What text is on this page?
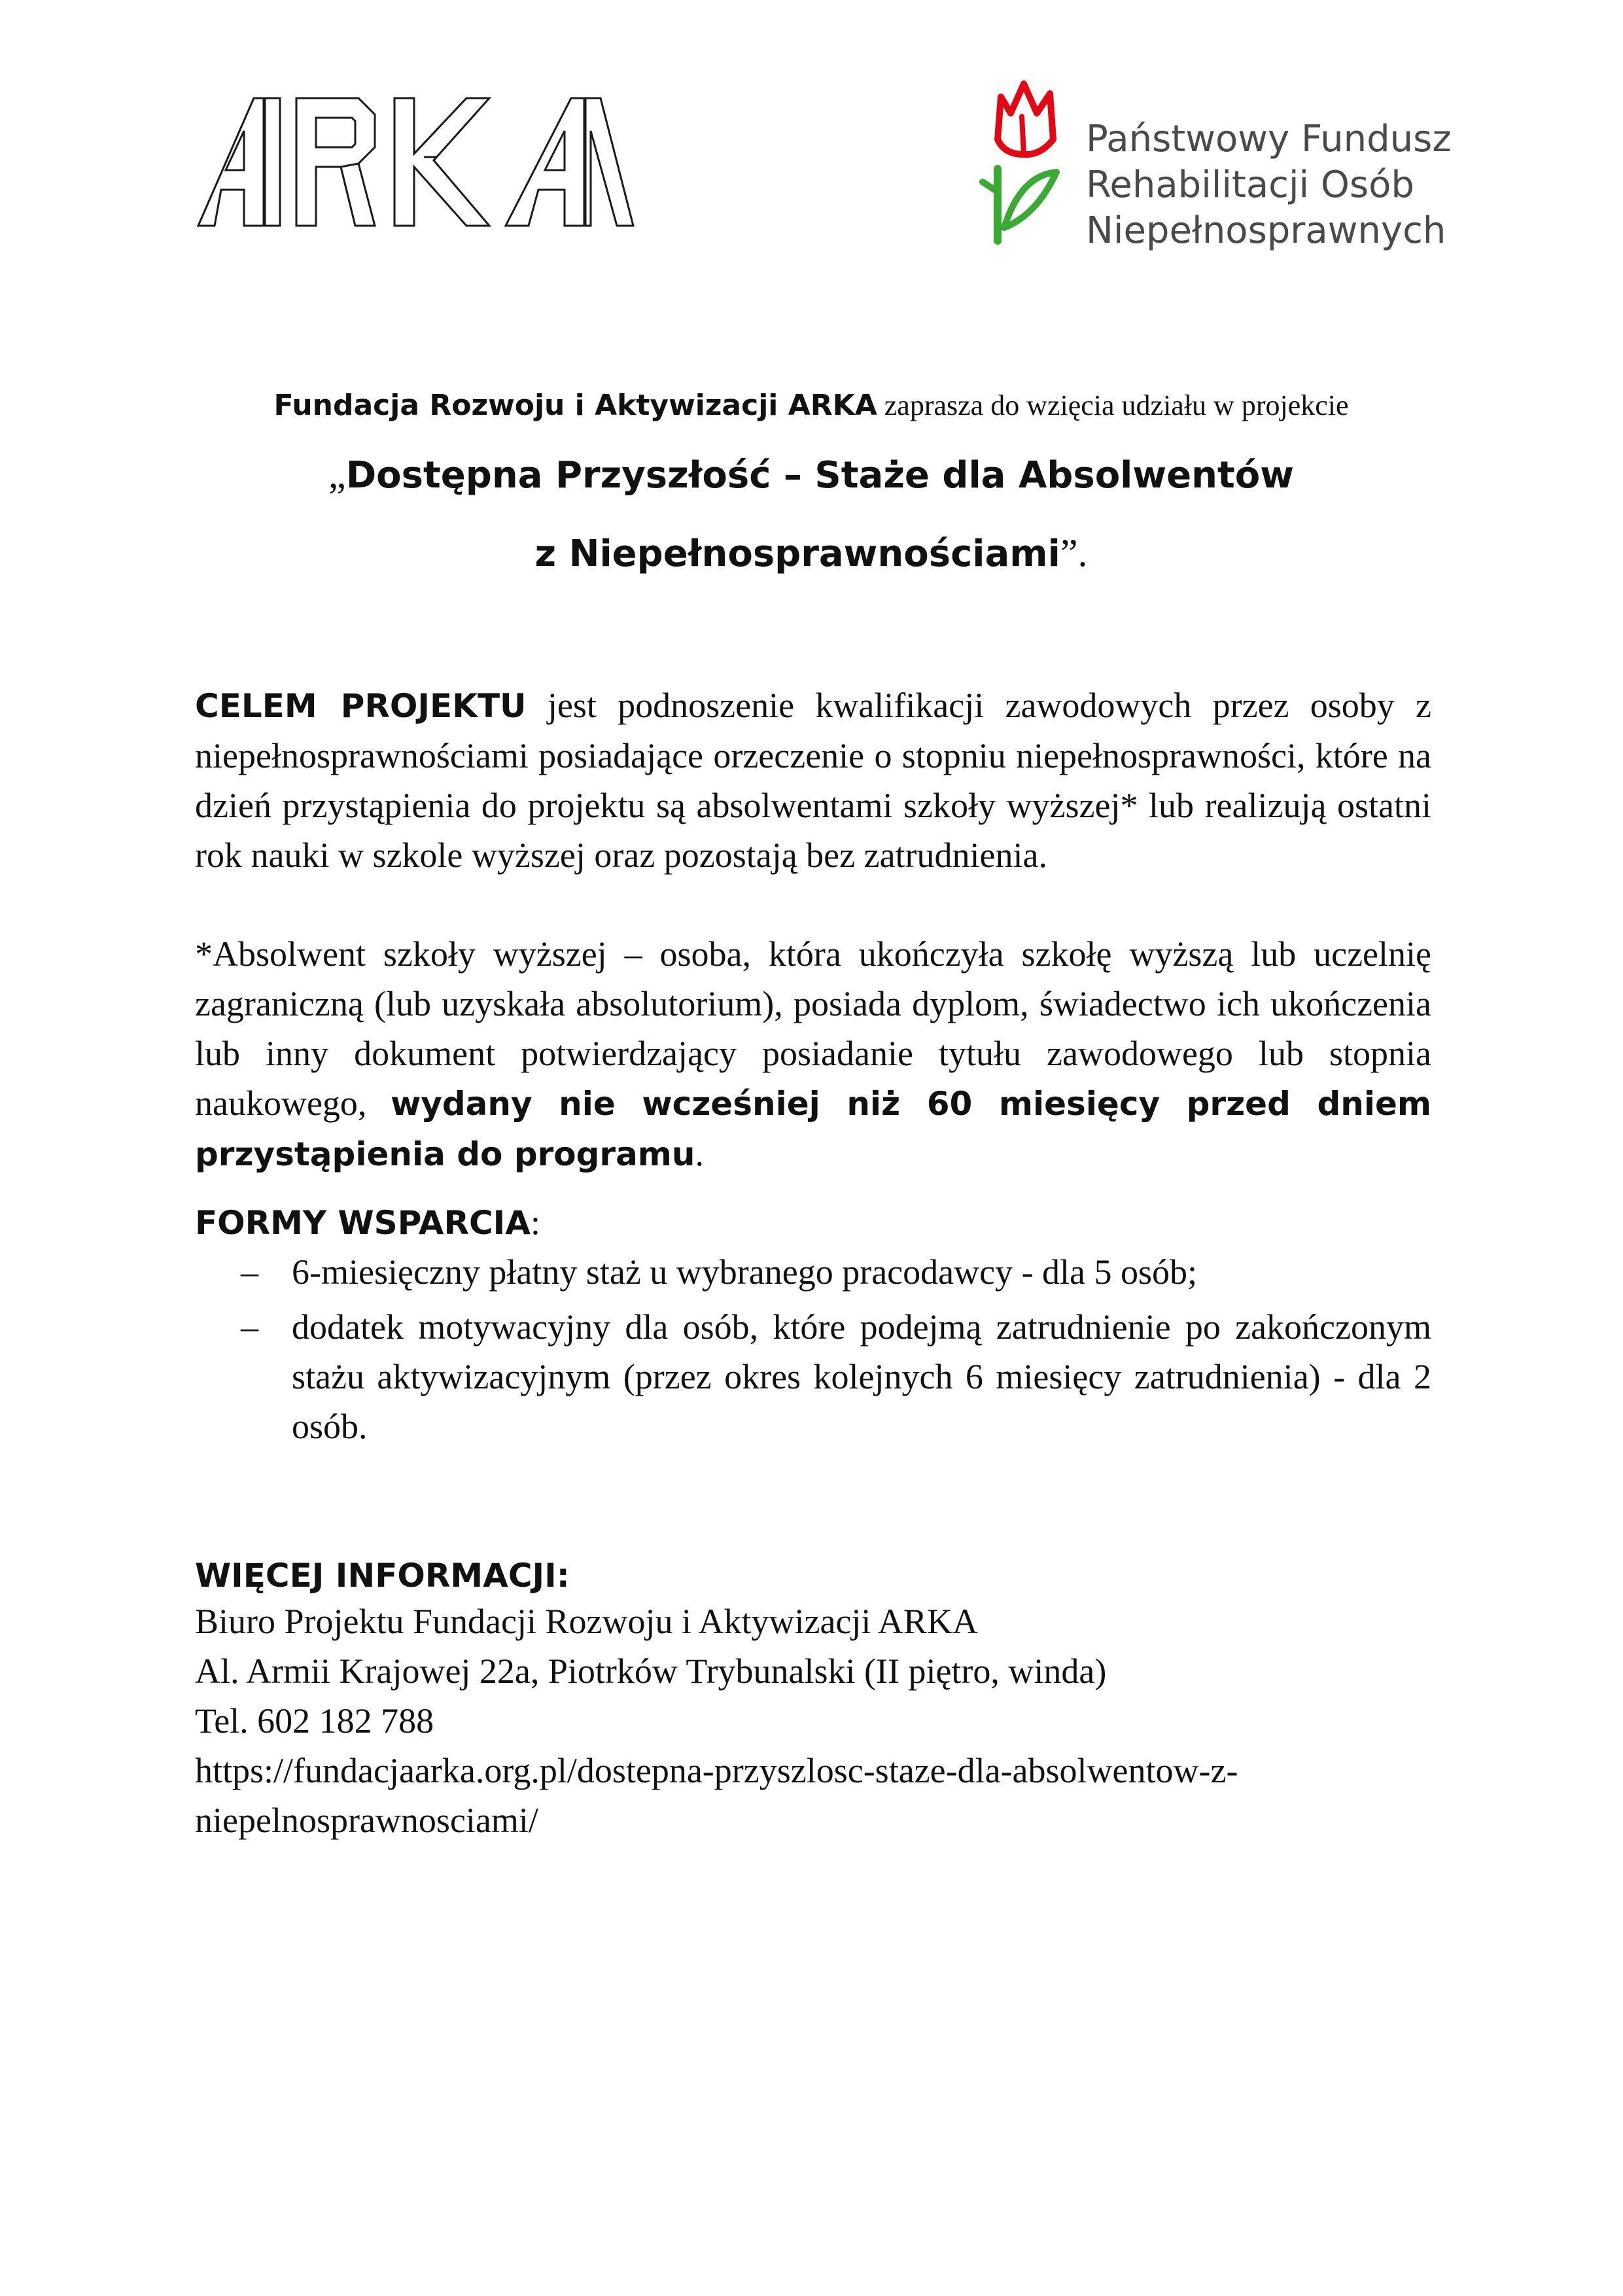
Państwowy Fundusz
Rehabilitacji Osób
Niepełnosprawnych
Fundacja Rozwoju i Aktywizacji ARKA zaprasza do wzięcia udziału w projekcie
„Dostępna Przyszłość – Staże dla Absolwentów
z Niepełnosprawnościami”.
CELEM PROJEKTU jest podnoszenie kwalifikacji zawodowych przez osoby z niepełnosprawnościami posiadające orzeczenie o stopniu niepełnosprawności, które na dzień przystąpienia do projektu są absolwentami szkoły wyższej* lub realizują ostatni rok nauki w szkole wyższej oraz pozostają bez zatrudnienia.
*Absolwent szkoły wyższej – osoba, która ukończyła szkołę wyższą lub uczelnię zagraniczną (lub uzyskała absolutorium), posiada dyplom, świadectwo ich ukończenia lub inny dokument potwierdzający posiadanie tytułu zawodowego lub stopnia naukowego, wydany nie wcześniej niż 60 miesięcy przed dniem przystąpienia do programu.
FORMY WSPARCIA:
– 6-miesięczny płatny staż u wybranego pracodawcy - dla 5 osób;
– dodatek motywacyjny dla osób, które podejmą zatrudnienie po zakończonym stażu aktywizacyjnym (przez okres kolejnych 6 miesięcy zatrudnienia) - dla 2 osób.
WIĘCEJ INFORMACJI:
Biuro Projektu Fundacji Rozwoju i Aktywizacji ARKA
Al. Armii Krajowej 22a, Piotrków Trybunalski (II piętro, winda)
Tel. 602 182 788
https://fundacjaarka.org.pl/dostepna-przyszlosc-staze-dla-absolwentow-z-
niepelnosprawnosciami/
